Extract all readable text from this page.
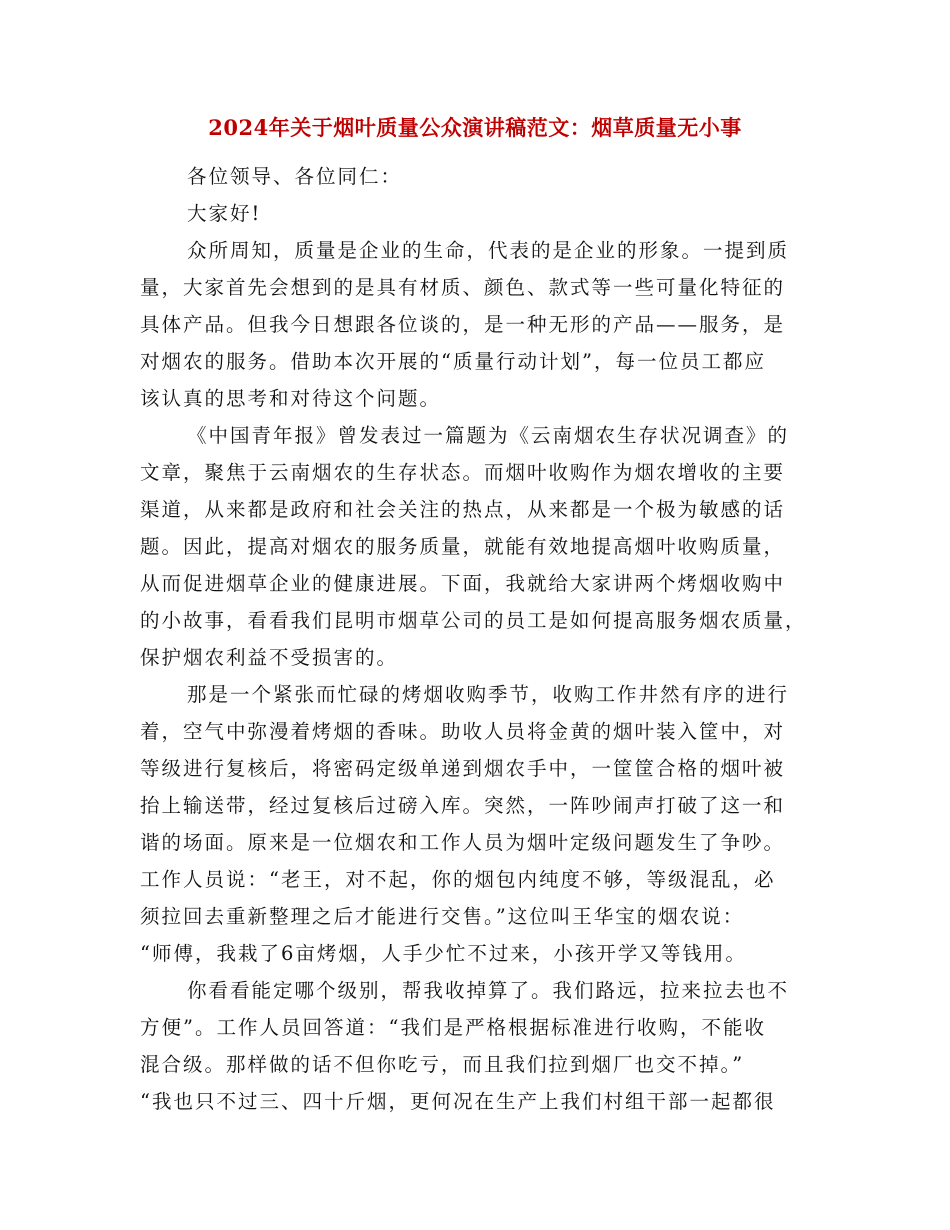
2024年关于烟叶质量公众演讲稿范文：烟草质量无小事
各位领导、各位同仁：
大家好!
众所周知，质量是企业的生命，代表的是企业的形象。一提到质
量，大家首先会想到的是具有材质、颜色、款式等一些可量化特征的
具体产品。但我今日想跟各位谈的，是一种无形的产品——服务，是
对烟农的服务。借助本次开展的“质量行动计划”，每一位员工都应
该认真的思考和对待这个问题。
《中国青年报》曾发表过一篇题为《云南烟农生存状况调查》的
文章，聚焦于云南烟农的生存状态。而烟叶收购作为烟农增收的主要
渠道，从来都是政府和社会关注的热点，从来都是一个极为敏感的话
题。因此，提高对烟农的服务质量，就能有效地提高烟叶收购质量，
从而促进烟草企业的健康进展。下面，我就给大家讲两个烤烟收购中
的小故事，看看我们昆明市烟草公司的员工是如何提高服务烟农质量，
保护烟农利益不受损害的。
那是一个紧张而忙碌的烤烟收购季节，收购工作井然有序的进行
着，空气中弥漫着烤烟的香味。助收人员将金黄的烟叶装入筐中，对
等级进行复核后，将密码定级单递到烟农手中，一筐筐合格的烟叶被
抬上输送带，经过复核后过磅入库。突然，一阵吵闹声打破了这一和
谐的场面。原来是一位烟农和工作人员为烟叶定级问题发生了争吵。
工作人员说：“老王，对不起，你的烟包内纯度不够，等级混乱，必
须拉回去重新整理之后才能进行交售。”这位叫王华宝的烟农说：
“师傅，我栽了6亩烤烟，人手少忙不过来，小孩开学又等钱用。
你看看能定哪个级别，帮我收掉算了。我们路远，拉来拉去也不
方便”。工作人员回答道：“我们是严格根据标准进行收购，不能收
混合级。那样做的话不但你吃亏，而且我们拉到烟厂也交不掉。”
“我也只不过三、四十斤烟，更何况在生产上我们村组干部一起都很
